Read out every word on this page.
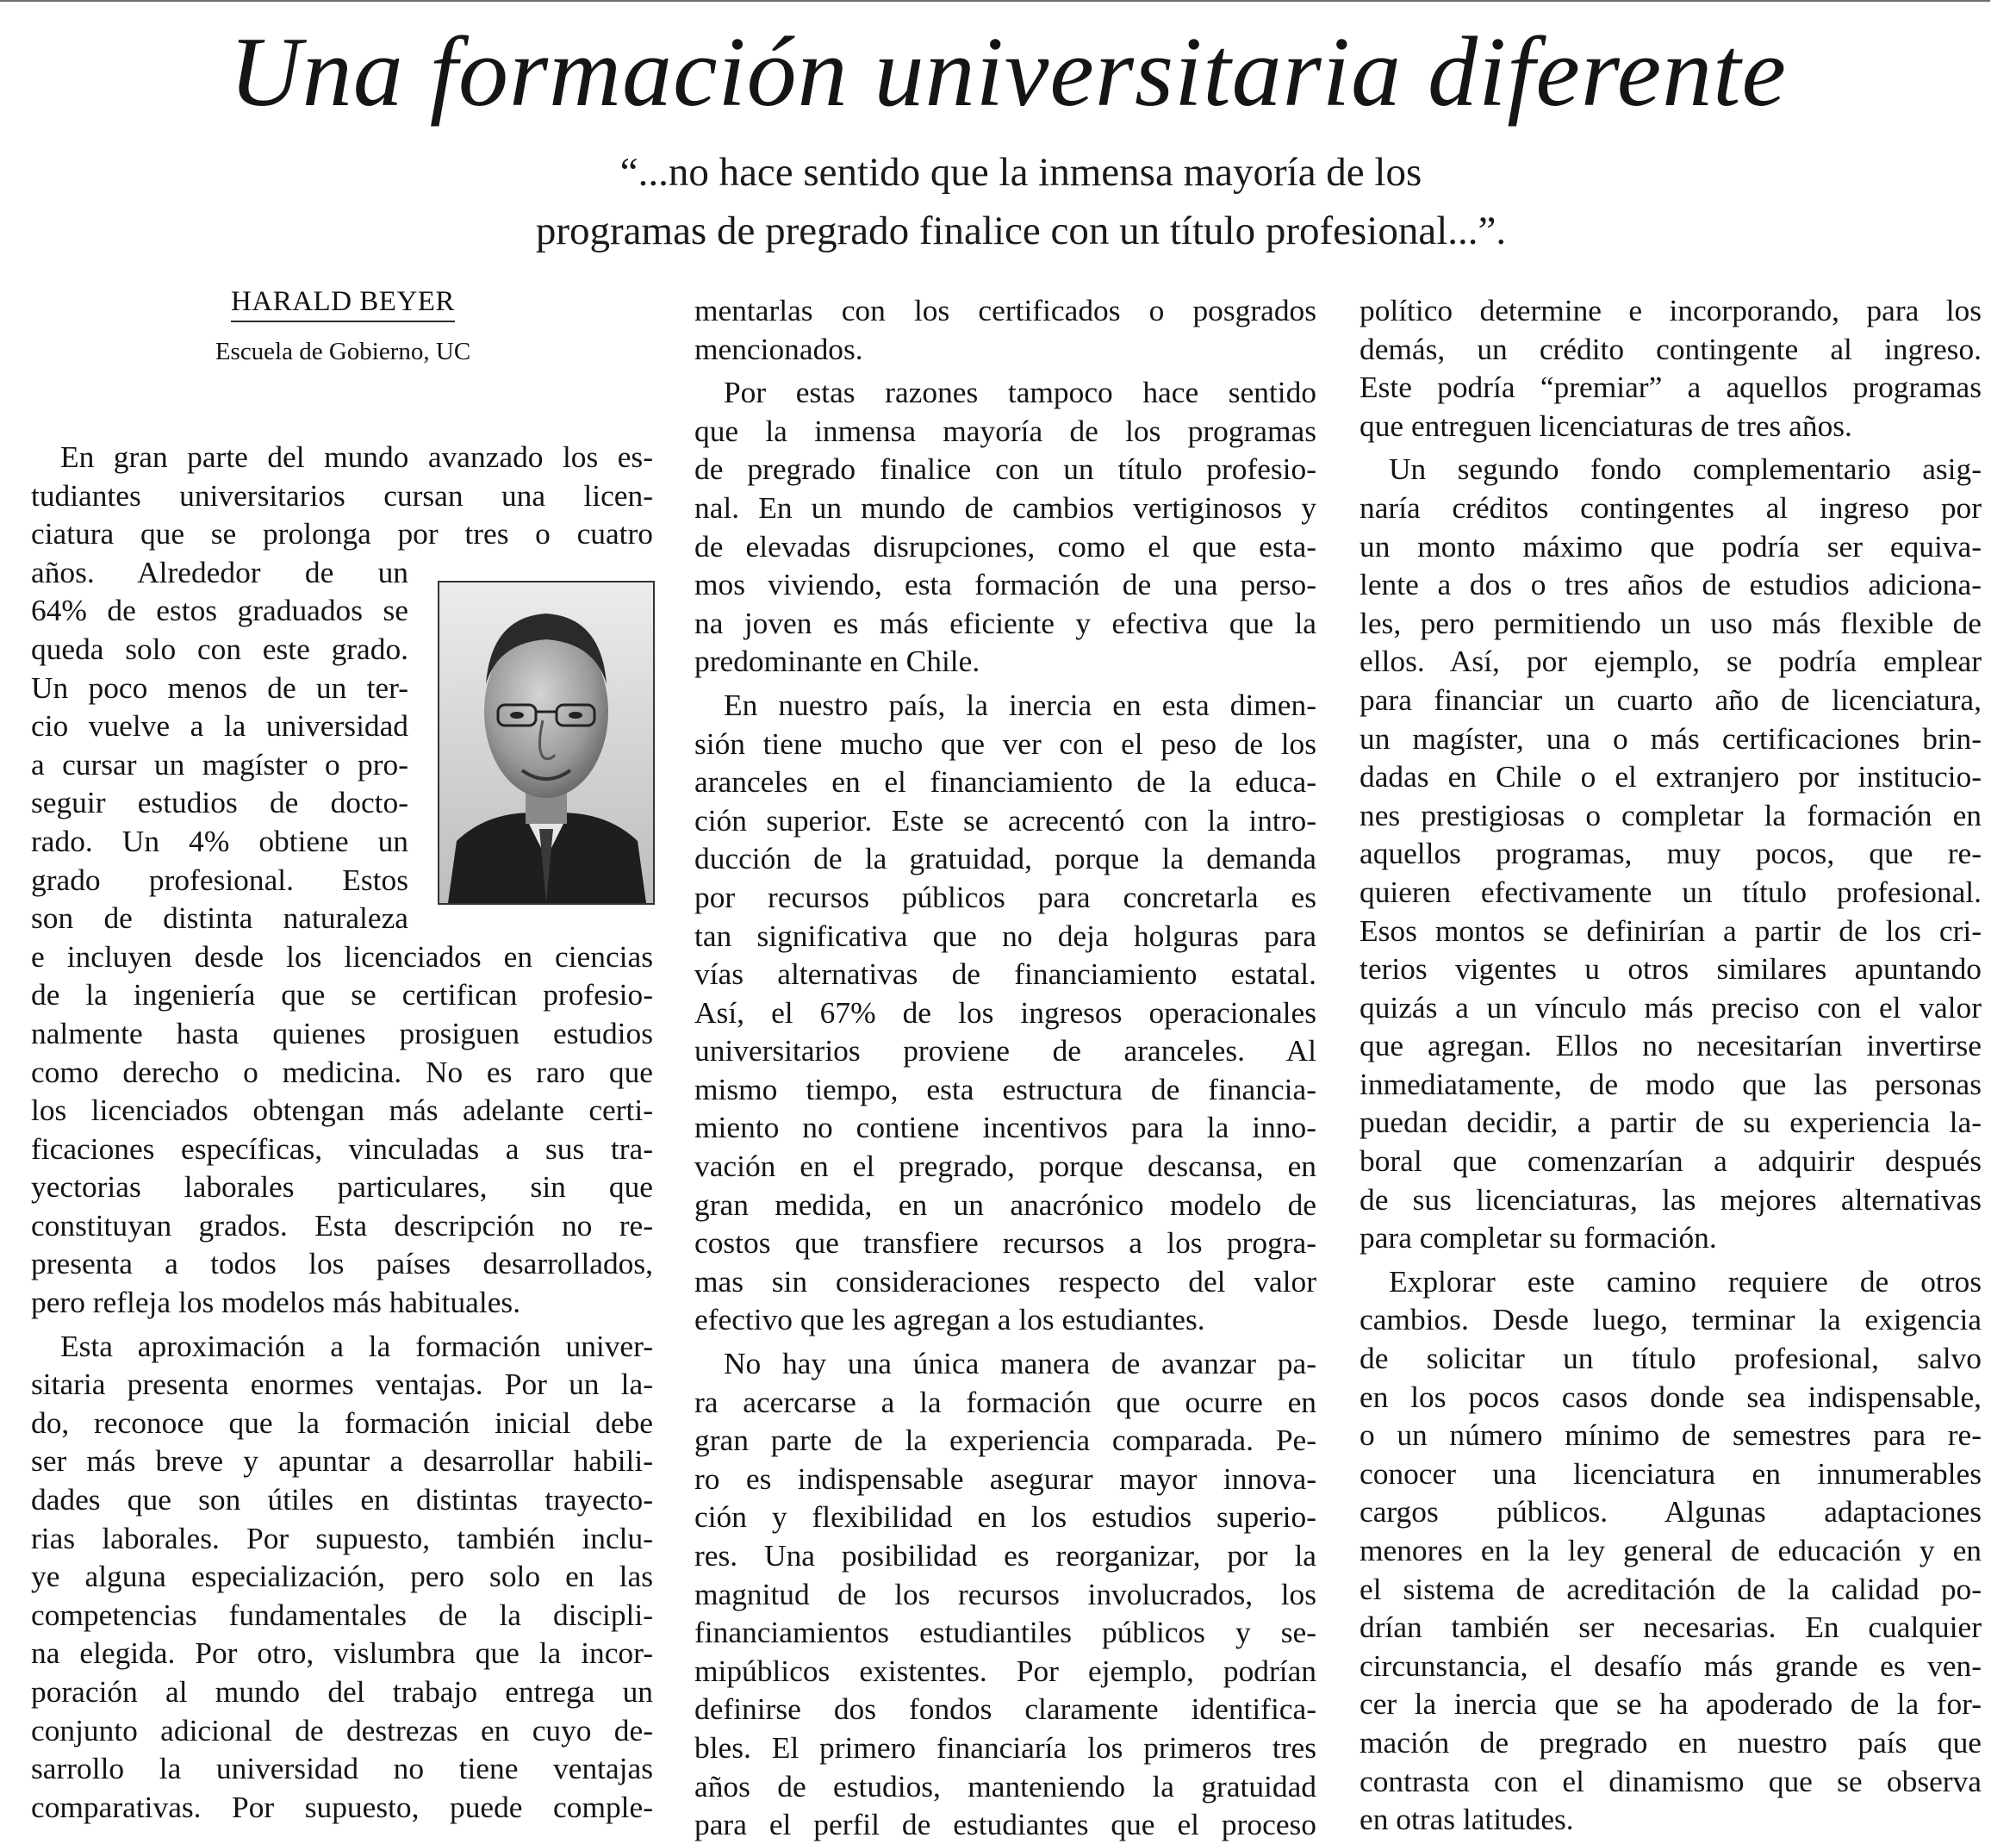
Una formación universitaria diferente
“...no hace sentido que la inmensa mayoría de los
programas de pregrado finalice con un título profesional...”.
HARALD BEYER
Escuela de Gobierno, UC
En gran parte del mundo avanzado los es-
tudiantes universitarios cursan una licen-
ciatura que se prolonga por tres o cuatro
años. Alrededor de un
64% de estos graduados se
queda solo con este grado.
Un poco menos de un ter-
cio vuelve a la universidad
a cursar un magíster o pro-
seguir estudios de docto-
rado. Un 4% obtiene un
grado profesional. Estos
son de distinta naturaleza
e incluyen desde los licenciados en ciencias
de la ingeniería que se certifican profesio-
nalmente hasta quienes prosiguen estudios
como derecho o medicina. No es raro que
los licenciados obtengan más adelante certi-
ficaciones específicas, vinculadas a sus tra-
yectorias laborales particulares, sin que
constituyan grados. Esta descripción no re-
presenta a todos los países desarrollados,
pero refleja los modelos más habituales.
Esta aproximación a la formación univer-
sitaria presenta enormes ventajas. Por un la-
do, reconoce que la formación inicial debe
ser más breve y apuntar a desarrollar habili-
dades que son útiles en distintas trayecto-
rias laborales. Por supuesto, también inclu-
ye alguna especialización, pero solo en las
competencias fundamentales de la discipli-
na elegida. Por otro, vislumbra que la incor-
poración al mundo del trabajo entrega un
conjunto adicional de destrezas en cuyo de-
sarrollo la universidad no tiene ventajas
comparativas. Por supuesto, puede comple-
mentarlas con los certificados o posgrados
mencionados.
Por estas razones tampoco hace sentido
que la inmensa mayoría de los programas
de pregrado finalice con un título profesio-
nal. En un mundo de cambios vertiginosos y
de elevadas disrupciones, como el que esta-
mos viviendo, esta formación de una perso-
na joven es más eficiente y efectiva que la
predominante en Chile.
En nuestro país, la inercia en esta dimen-
sión tiene mucho que ver con el peso de los
aranceles en el financiamiento de la educa-
ción superior. Este se acrecentó con la intro-
ducción de la gratuidad, porque la demanda
por recursos públicos para concretarla es
tan significativa que no deja holguras para
vías alternativas de financiamiento estatal.
Así, el 67% de los ingresos operacionales
universitarios proviene de aranceles. Al
mismo tiempo, esta estructura de financia-
miento no contiene incentivos para la inno-
vación en el pregrado, porque descansa, en
gran medida, en un anacrónico modelo de
costos que transfiere recursos a los progra-
mas sin consideraciones respecto del valor
efectivo que les agregan a los estudiantes.
No hay una única manera de avanzar pa-
ra acercarse a la formación que ocurre en
gran parte de la experiencia comparada. Pe-
ro es indispensable asegurar mayor innova-
ción y flexibilidad en los estudios superio-
res. Una posibilidad es reorganizar, por la
magnitud de los recursos involucrados, los
financiamientos estudiantiles públicos y se-
mipúblicos existentes. Por ejemplo, podrían
definirse dos fondos claramente identifica-
bles. El primero financiaría los primeros tres
años de estudios, manteniendo la gratuidad
para el perfil de estudiantes que el proceso
político determine e incorporando, para los
demás, un crédito contingente al ingreso.
Este podría “premiar” a aquellos programas
que entreguen licenciaturas de tres años.
Un segundo fondo complementario asig-
naría créditos contingentes al ingreso por
un monto máximo que podría ser equiva-
lente a dos o tres años de estudios adiciona-
les, pero permitiendo un uso más flexible de
ellos. Así, por ejemplo, se podría emplear
para financiar un cuarto año de licenciatura,
un magíster, una o más certificaciones brin-
dadas en Chile o el extranjero por institucio-
nes prestigiosas o completar la formación en
aquellos programas, muy pocos, que re-
quieren efectivamente un título profesional.
Esos montos se definirían a partir de los cri-
terios vigentes u otros similares apuntando
quizás a un vínculo más preciso con el valor
que agregan. Ellos no necesitarían invertirse
inmediatamente, de modo que las personas
puedan decidir, a partir de su experiencia la-
boral que comenzarían a adquirir después
de sus licenciaturas, las mejores alternativas
para completar su formación.
Explorar este camino requiere de otros
cambios. Desde luego, terminar la exigencia
de solicitar un título profesional, salvo
en los pocos casos donde sea indispensable,
o un número mínimo de semestres para re-
conocer una licenciatura en innumerables
cargos públicos. Algunas adaptaciones
menores en la ley general de educación y en
el sistema de acreditación de la calidad po-
drían también ser necesarias. En cualquier
circunstancia, el desafío más grande es ven-
cer la inercia que se ha apoderado de la for-
mación de pregrado en nuestro país que
contrasta con el dinamismo que se observa
en otras latitudes.
